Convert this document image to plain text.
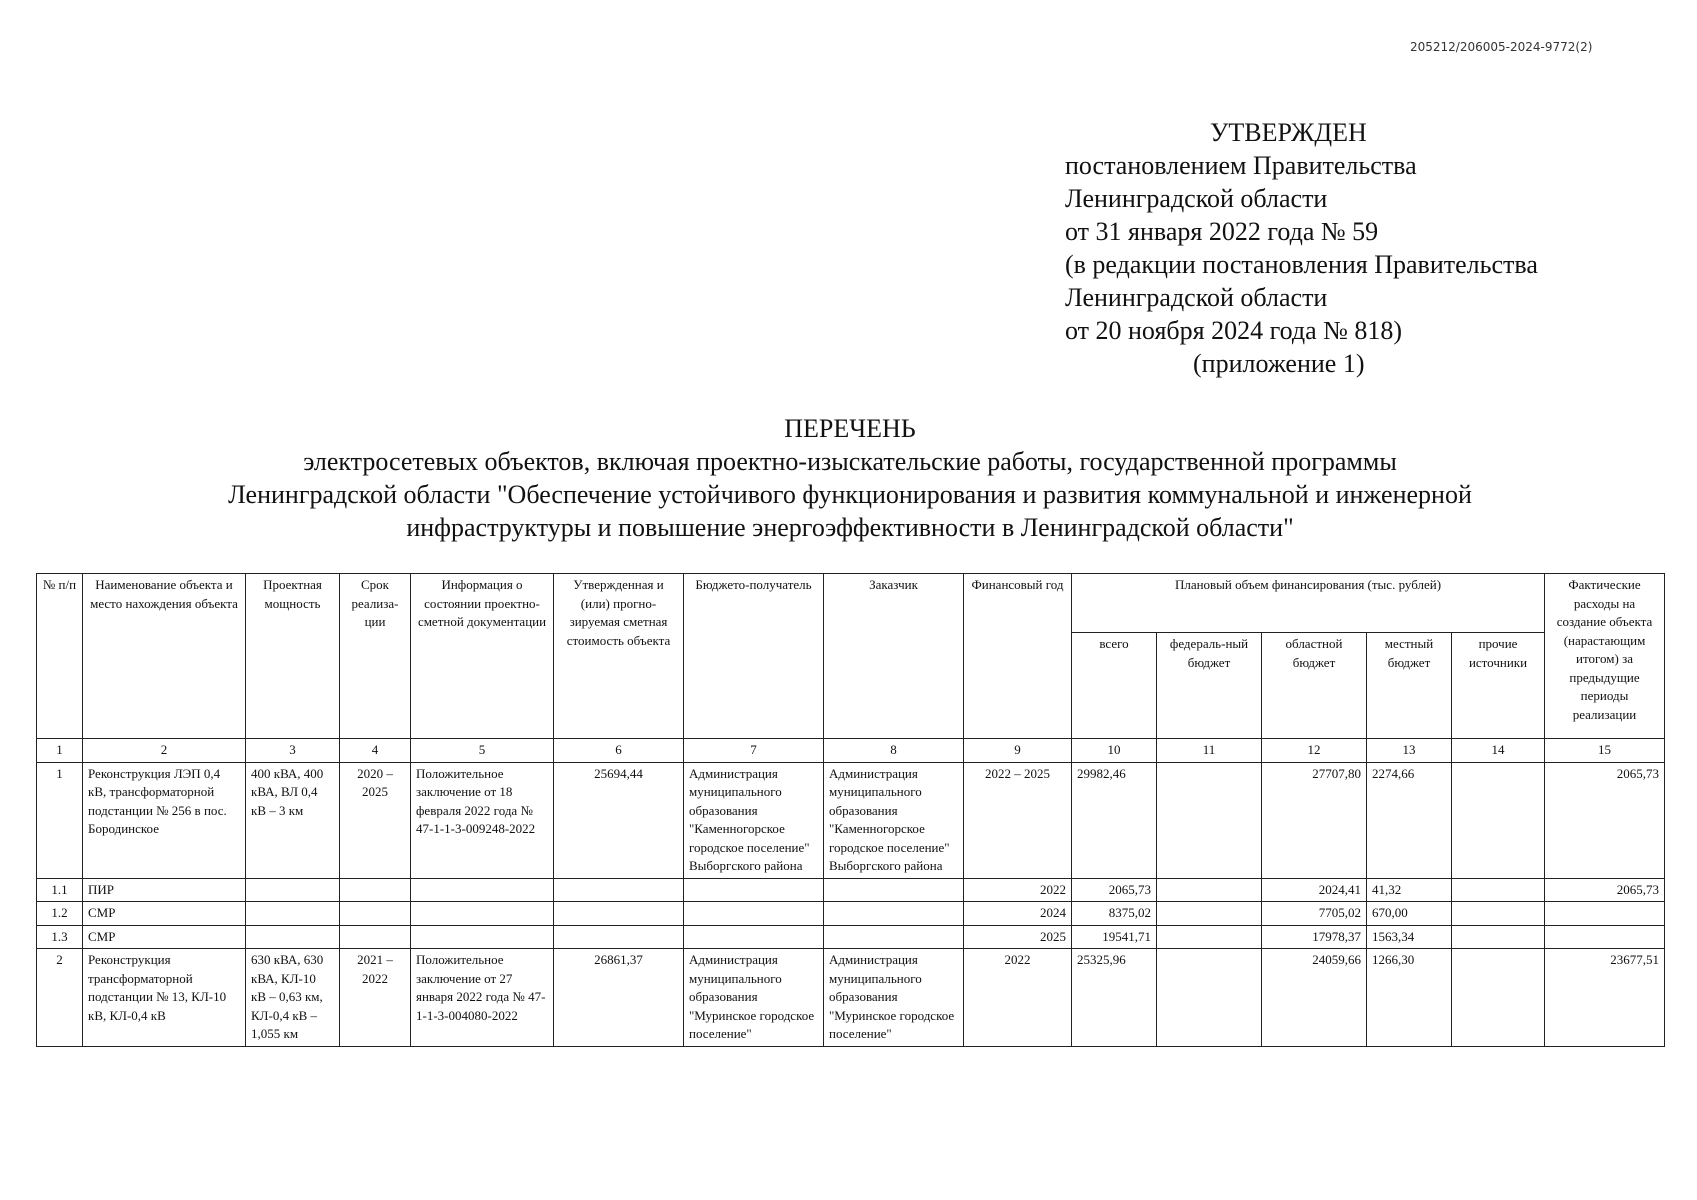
205212/206005-2024-9772(2)
УТВЕРЖДЕН
постановлением Правительства
Ленинградской области
от 31 января 2022 года № 59
(в редакции постановления Правительства
Ленинградской области
от 20 ноября 2024 года № 818)
(приложение 1)
ПЕРЕЧЕНЬ
электросетевых объектов, включая проектно-изыскательские работы, государственной программы
Ленинградской области "Обеспечение устойчивого функционирования и развития коммунальной и инженерной
инфраструктуры и повышение энергоэффективности в Ленинградской области"
№ п/п	Наименование объекта и место нахождения объекта	Проектная мощность	Срок реализа-ции	Информация о состоянии проектно-сметной документации	Утвержденная и (или) прогно-зируемая сметная стоимость объекта	Бюджето-получатель	Заказчик	Финансовый год	Плановый объем финансирования (тыс. рублей)					Фактические расходы на создание объекта (нарастающим итогом) за предыдущие периоды реализации
									всего	федераль-ный бюджет	областной бюджет	местный бюджет	прочие источники	
1	2	3	4	5	6	7	8	9	10	11	12	13	14	15
1	Реконструкция ЛЭП 0,4 кВ, трансформаторной подстанции № 256 в пос. Бородинское	400 кВА, 400 кВА, ВЛ 0,4 кВ – 3 км	2020 – 2025	Положительное заключение от 18 февраля 2022 года № 47-1-1-3-009248-2022	25694,44	Администрация муниципального образования "Каменногорское городское поселение" Выборгского района	Администрация муниципального образования "Каменногорское городское поселение" Выборгского района	2022 – 2025	29982,46		27707,80	2274,66		2065,73
1.1	ПИР							2022	2065,73		2024,41	41,32		2065,73
1.2	СМР							2024	8375,02		7705,02	670,00		
1.3	СМР							2025	19541,71		17978,37	1563,34		
2	Реконструкция трансформаторной подстанции № 13, КЛ-10 кВ, КЛ-0,4 кВ	630 кВА, 630 кВА, КЛ-10 кВ – 0,63 км, КЛ-0,4 кВ – 1,055 км	2021 – 2022	Положительное заключение от 27 января 2022 года № 47-1-1-3-004080-2022	26861,37	Администрация муниципального образования "Муринское городское поселение"	Администрация муниципального образования "Муринское городское поселение"	2022	25325,96		24059,66	1266,30		23677,51
